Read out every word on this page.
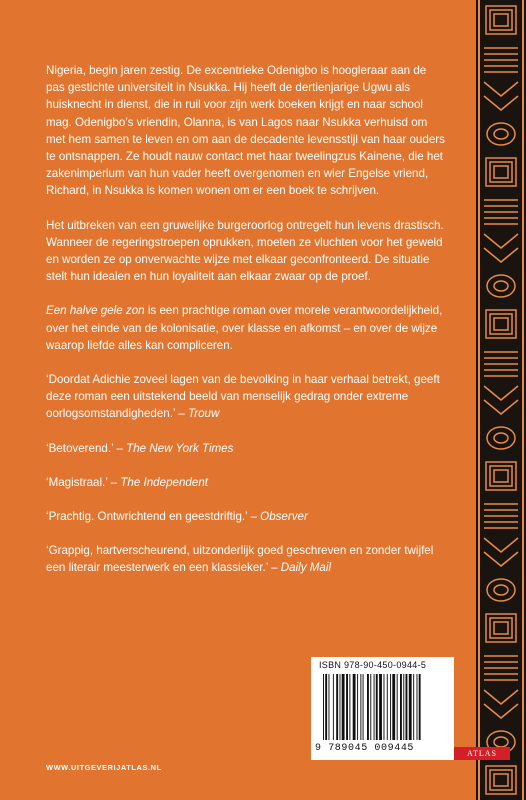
Nigeria, begin jaren zestig. De excentrieke Odenigbo is hoogleraar aan de pas gestichte universiteit in Nsukka. Hij heeft de dertienjarige Ugwu als huisknecht in dienst, die in ruil voor zijn werk boeken krijgt en naar school mag. Odenigbo’s vriendin, Olanna, is van Lagos naar Nsukka verhuisd om met hem samen te leven en om aan de decadente levensstijl van haar ouders te ontsnappen. Ze houdt nauw contact met haar tweelingzus Kainene, die het zakenimperium van hun vader heeft overgenomen en wier Engelse vriend, Richard, in Nsukka is komen wonen om er een boek te schrijven.

Het uitbreken van een gruwelijke burgeroorlog ontregelt hun levens drastisch. Wanneer de regeringstroepen oprukken, moeten ze vluchten voor het geweld en worden ze op onverwachte wijze met elkaar geconfronteerd. De situatie stelt hun idealen en hun loyaliteit aan elkaar zwaar op de proef.

Een halve gele zon is een prachtige roman over morele verantwoordelijkheid, over het einde van de kolonisatie, over klasse en afkomst – en over de wijze waarop liefde alles kan compliceren.

‘Doordat Adichie zoveel lagen van de bevolking in haar verhaal betrekt, geeft deze roman een uitstekend beeld van menselijk gedrag onder extreme oorlogsomstandigheden.’ – Trouw

‘Betoverend.’ – The New York Times

‘Magistraal.’ – The Independent

‘Prachtig. Ontwrichtend en geestdriftig.’ – Observer

‘Grappig, hartverscheurend, uitzonderlijk goed geschreven en zonder twijfel een literair meesterwerk en een klassieker.’ – Daily Mail

ISBN 978-90-450-0944-5
9 789045 009445	ATLAS
WWW.UITGEVERIJATLAS.NL
